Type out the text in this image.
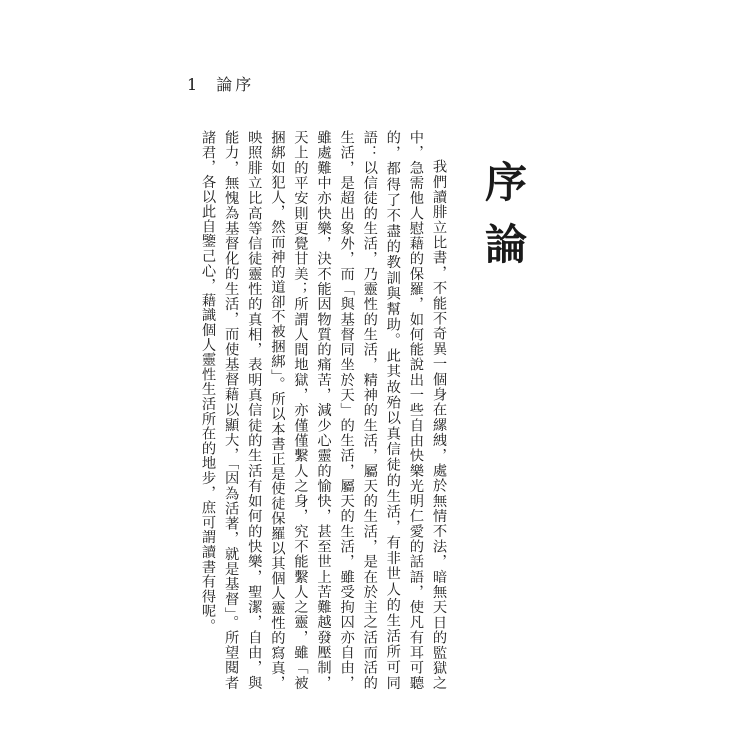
1 論序
序論

我們讀腓立比書，不能不奇異一個身在縲絏，處於無情不法，暗無天日的監獄之中，急需他人慰藉的保羅，如何能說出一些自由快樂光明仁愛的話語，使凡有耳可聽的，都得了不盡的教訓與幫助。此其故殆以真信徒的生活，有非世人的生活所可同語：以信徒的生活，乃靈性的生活，精神的生活，屬天的生活，是在於主之活而活的生活，是超出象外，而「與基督同坐於天」的生活，屬天的生活，雖受拘囚亦自由，雖處難中亦快樂，決不能因物質的痛苦，減少心靈的愉快，甚至世上苦難越發壓制，天上的平安則更覺甘美；所謂人間地獄，亦僅僅繫人之身，究不能繫人之靈，雖「被捆綁如犯人，然而神的道卻不被捆綁」。所以本書正是使徒保羅以其個人靈性的寫真，映照腓立比高等信徒靈性的真相，表明真信徒的生活有如何的快樂，聖潔，自由，與能力，無愧為基督化的生活，而使基督藉以顯大，「因為活著，就是基督」。所望閱者諸君，各以此自鑒己心，藉識個人靈性生活所在的地步，庶可謂讀書有得呢。
